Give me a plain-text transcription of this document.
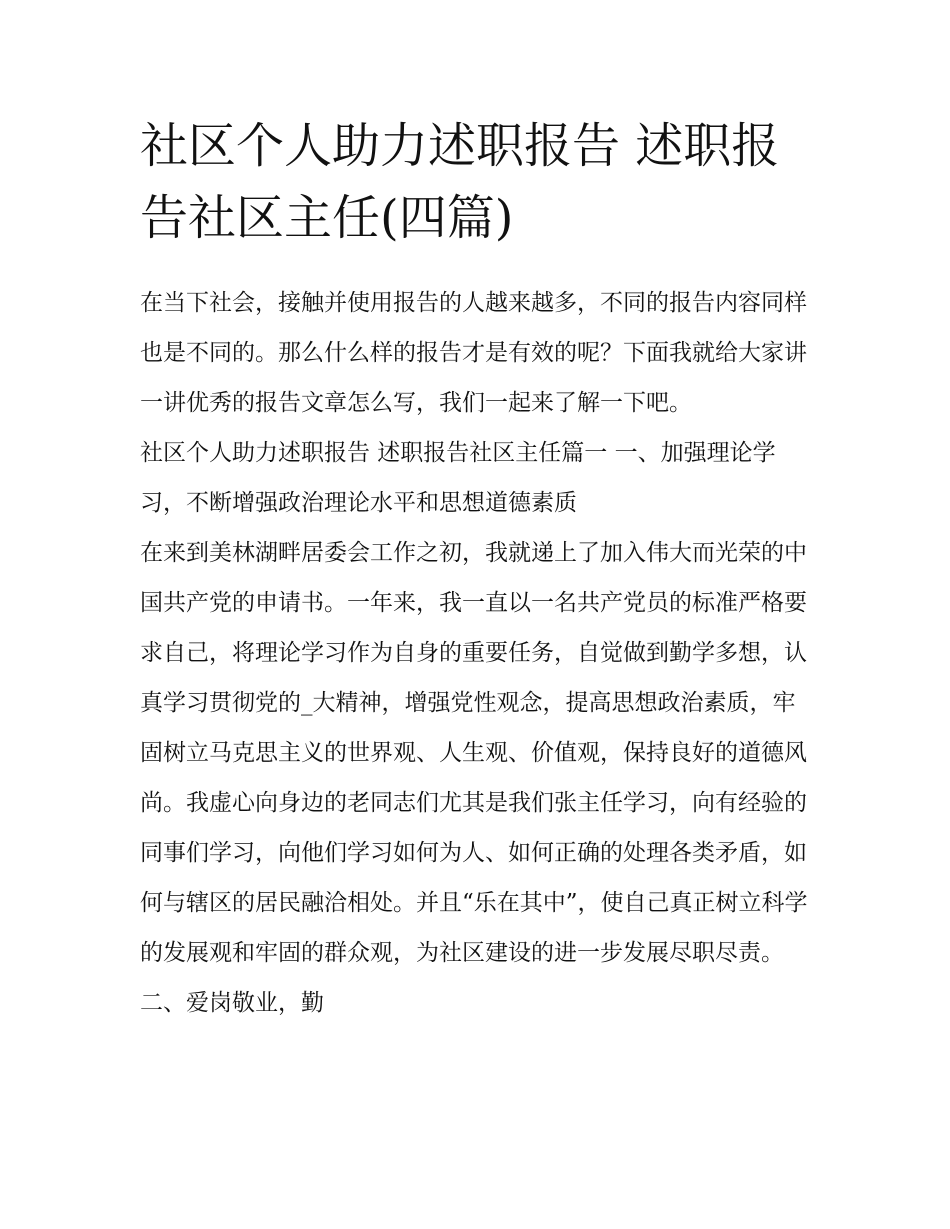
社区个人助力述职报告 述职报告社区主任(四篇)

在当下社会，接触并使用报告的人越来越多，不同的报告内容同样也是不同的。那么什么样的报告才是有效的呢？下面我就给大家讲一讲优秀的报告文章怎么写，我们一起来了解一下吧。

社区个人助力述职报告 述职报告社区主任篇一 一、加强理论学习，不断增强政治理论水平和思想道德素质

在来到美林湖畔居委会工作之初，我就递上了加入伟大而光荣的中国共产党的申请书。一年来，我一直以一名共产党员的标准严格要求自己，将理论学习作为自身的重要任务，自觉做到勤学多想，认真学习贯彻党的_大精神，增强党性观念，提高思想政治素质，牢固树立马克思主义的世界观、人生观、价值观，保持良好的道德风尚。我虚心向身边的老同志们尤其是我们张主任学习，向有经验的同事们学习，向他们学习如何为人、如何正确的处理各类矛盾，如何与辖区的居民融洽相处。并且“乐在其中”，使自己真正树立科学的发展观和牢固的群众观，为社区建设的进一步发展尽职尽责。 二、爱岗敬业，勤
